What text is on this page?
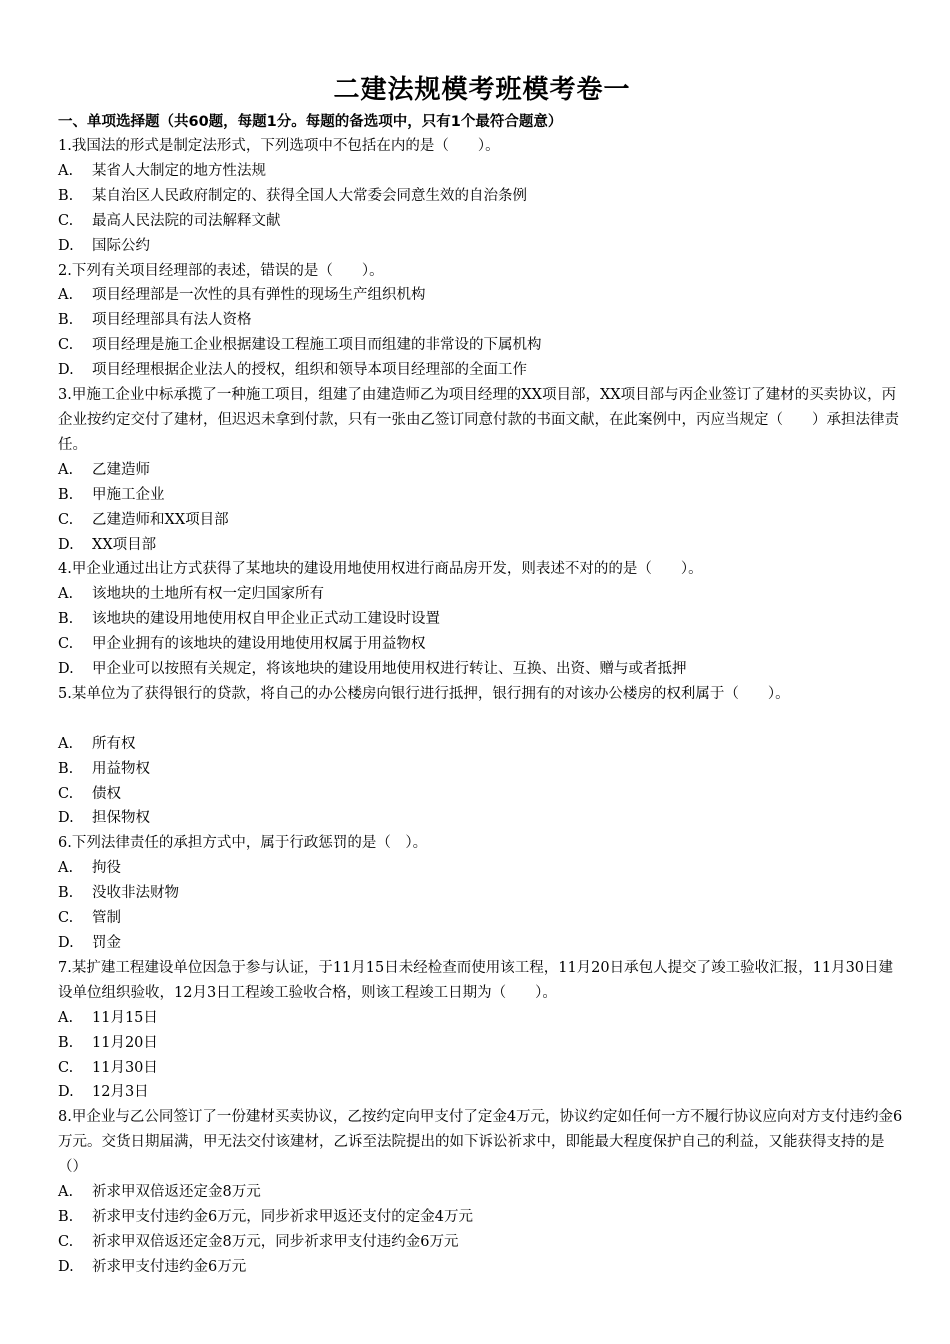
二建法规模考班模考卷一
一、单项选择题（共60题，每题1分。每题的备选项中，只有1个最符合题意）

1.我国法的形式是制定法形式，下列选项中不包括在内的是（　　）。

A.	某省人大制定的地方性法规
B.	某自治区人民政府制定的、获得全国人大常委会同意生效的自治条例
C.	最高人民法院的司法解释文献
D.	国际公约

2.下列有关项目经理部的表述，错误的是（　　）。

A.	项目经理部是一次性的具有弹性的现场生产组织机构
B.	项目经理部具有法人资格
C.	项目经理是施工企业根据建设工程施工项目而组建的非常设的下属机构
D.	项目经理根据企业法人的授权，组织和领导本项目经理部的全面工作

3.甲施工企业中标承揽了一种施工项目，组建了由建造师乙为项目经理的XX项目部，XX项目部与丙企业签订了建材的买卖协议，丙企业按约定交付了建材，但迟迟未拿到付款，只有一张由乙签订同意付款的书面文献，在此案例中，丙应当规定（　　）承担法律责任。

A.	乙建造师
B.	甲施工企业
C.	乙建造师和XX项目部
D.	XX项目部

4.甲企业通过出让方式获得了某地块的建设用地使用权进行商品房开发，则表述不对的的是（　　）。

A.	该地块的土地所有权一定归国家所有
B.	该地块的建设用地使用权自甲企业正式动工建设时设置
C.	甲企业拥有的该地块的建设用地使用权属于用益物权
D.	甲企业可以按照有关规定，将该地块的建设用地使用权进行转让、互换、出资、赠与或者抵押

5.某单位为了获得银行的贷款，将自己的办公楼房向银行进行抵押，银行拥有的对该办公楼房的权利属于（　　）。

A.	所有权
B.	用益物权
C.	债权
D.	担保物权

6.下列法律责任的承担方式中，属于行政惩罚的是（　）。

A.	拘役
B.	没收非法财物
C.	管制
D.	罚金

7.某扩建工程建设单位因急于参与认证，于11月15日未经检查而使用该工程，11月20日承包人提交了竣工验收汇报，11月30日建设单位组织验收，12月3日工程竣工验收合格，则该工程竣工日期为（　　）。

A.	11月15日
B.	11月20日
C.	11月30日
D.	12月3日

8.甲企业与乙公同签订了一份建材买卖协议，乙按约定向甲支付了定金4万元，协议约定如任何一方不履行协议应向对方支付违约金6万元。交货日期届满，甲无法交付该建材，乙诉至法院提出的如下诉讼祈求中，即能最大程度保护自己的利益，又能获得支持的是（）

A.	祈求甲双倍返还定金8万元
B.	祈求甲支付违约金6万元，同步祈求甲返还支付的定金4万元
C.	祈求甲双倍返还定金8万元，同步祈求甲支付违约金6万元
D.	祈求甲支付违约金6万元
